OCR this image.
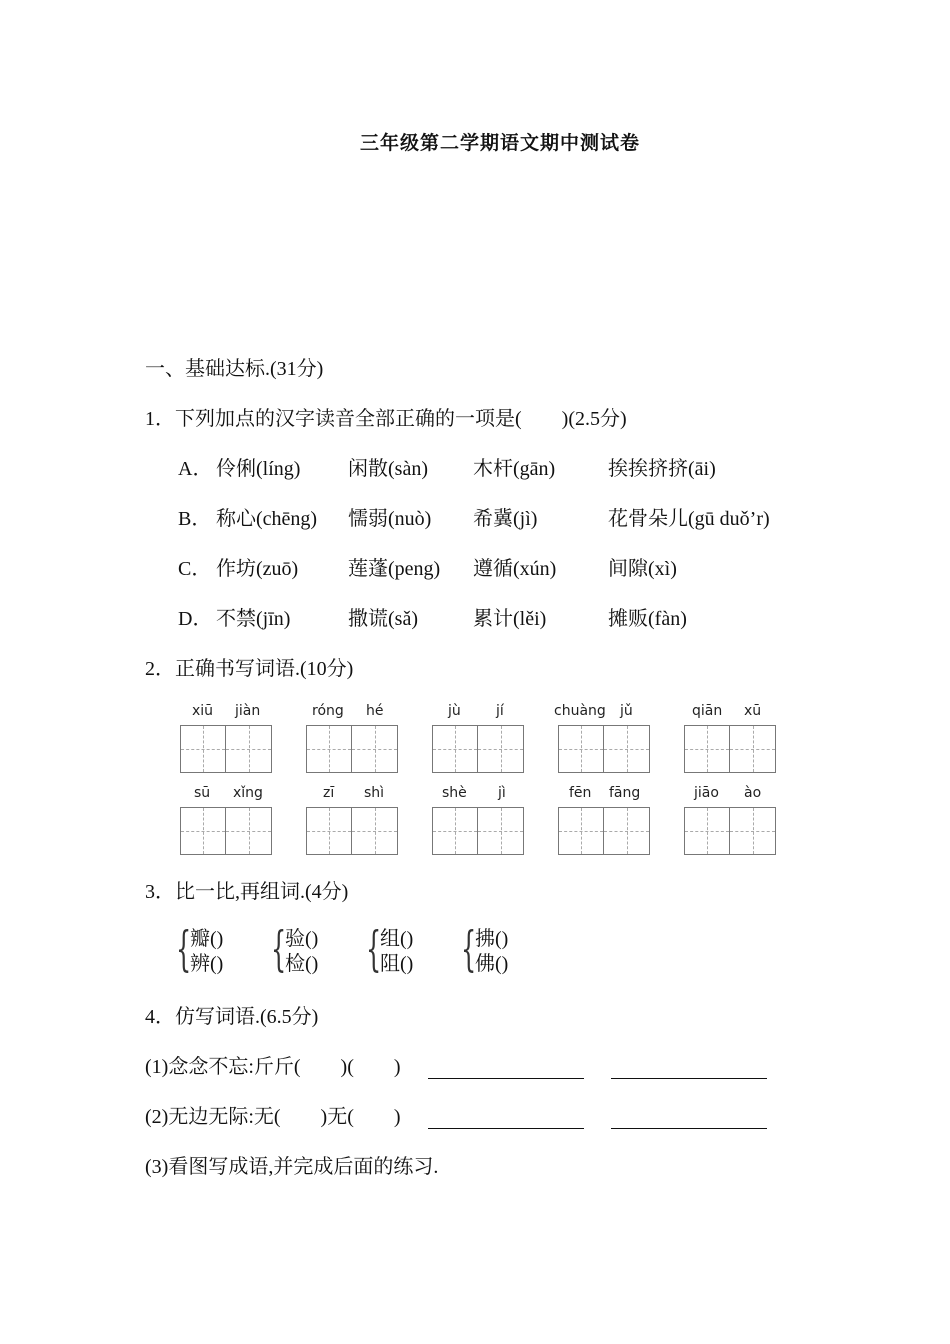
三年级第二学期语文期中测试卷
一、基础达标.(31分)
1．下列加点的汉字读音全部正确的一项是(　　)(2.5分)
A． 伶俐(líng) 闲散(sàn) 木杆(gān)	挨挨挤挤(āi)
B． 称心(chēng) 懦弱(nuò) 希冀(jì)	花骨朵儿(gū duǒ’r)
C． 作坊(zuō) 莲蓬(peng) 遵循(xún)	间隙(xì)
D． 不禁(jīn)	撒谎(sǎ)	累计(lěi)	摊贩(fàn)
2．正确书写词语.(10分)
xiū jiàn	róng hé	jù	jí	chuàng jǔ	qiān xū
sū xǐng	zī shì	shè jì	fēn fāng	jiāo ào
3．比一比,再组词.(4分)
{
瓣()
辨() {
验()
检() {
组()
阻() {
拂()
佛()
4．仿写词语.(6.5分)
(1)念念不忘:斤斤(　　)(　　)
(2)无边无际:无(　　)无(　　)
(3)看图写成语,并完成后面的练习.
